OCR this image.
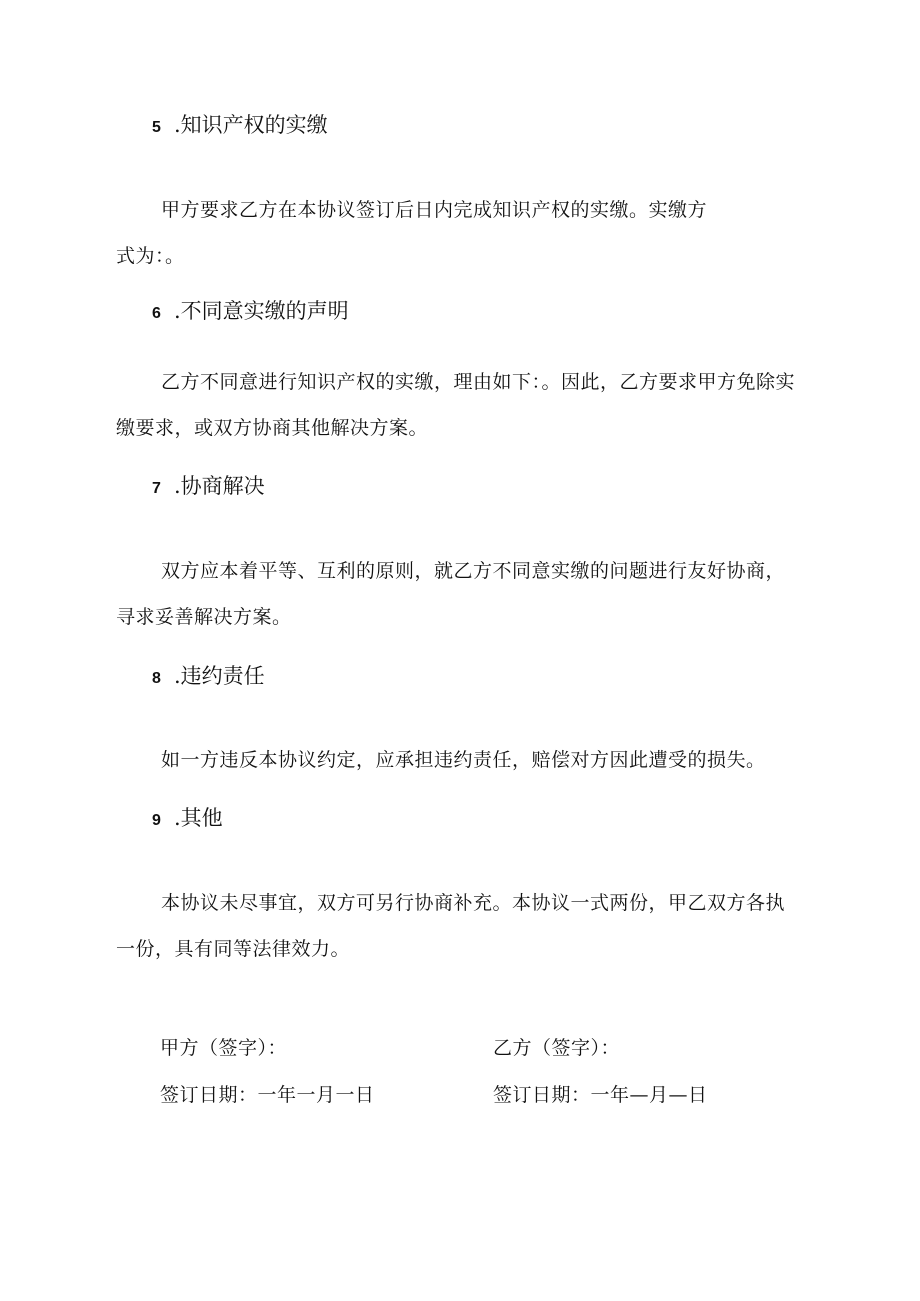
5 .知识产权的实缴
甲方要求乙方在本协议签订后日内完成知识产权的实缴。实缴方
式为：。
6 .不同意实缴的声明
乙方不同意进行知识产权的实缴，理由如下：。因此，乙方要求甲方免除实
缴要求，或双方协商其他解决方案。
7 .协商解决
双方应本着平等、互利的原则，就乙方不同意实缴的问题进行友好协商，
寻求妥善解决方案。
8 .违约责任
如一方违反本协议约定，应承担违约责任，赔偿对方因此遭受的损失。
9 .其他
本协议未尽事宜，双方可另行协商补充。本协议一式两份，甲乙双方各执
一份，具有同等法律效力。
甲方（签字）：	乙方（签字）：
签订日期：一年一月一日	签订日期：一年—月—日
